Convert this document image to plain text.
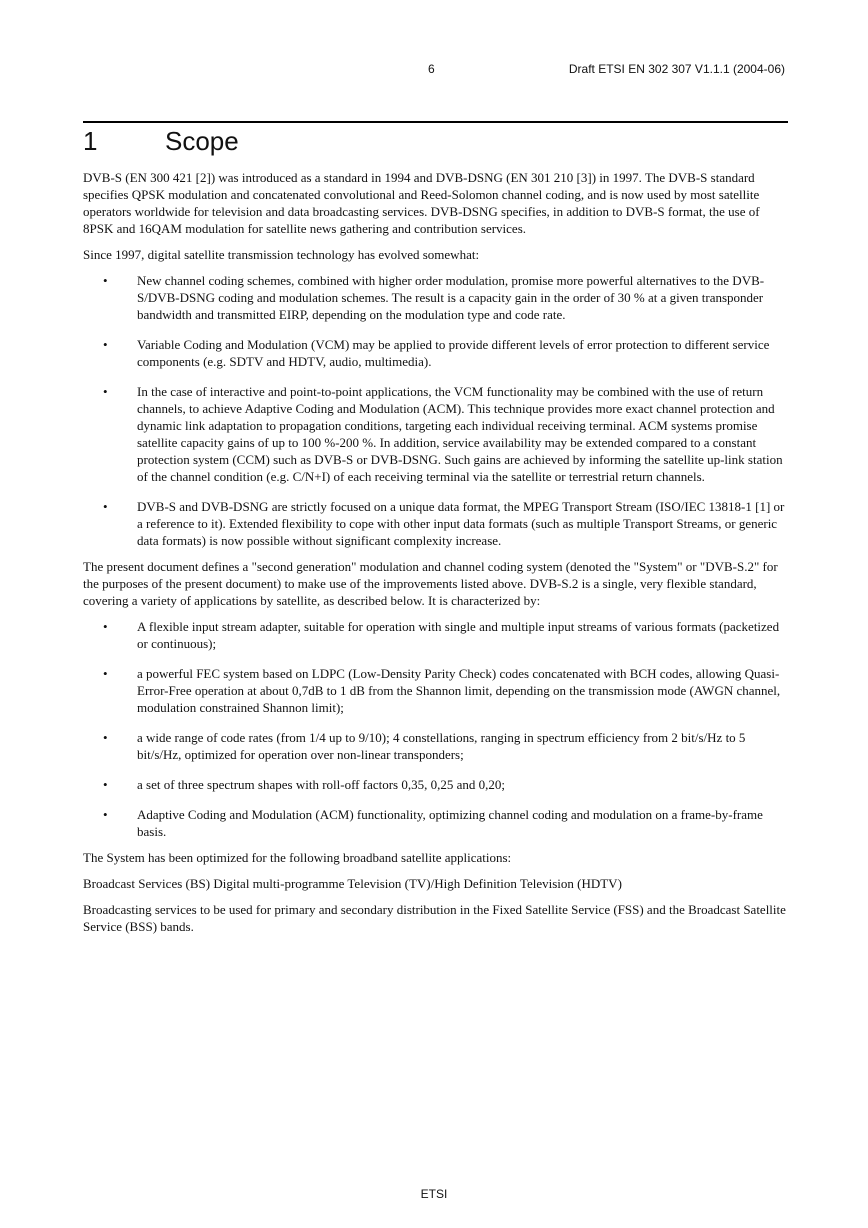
6	Draft ETSI EN 302 307 V1.1.1 (2004-06)
1	Scope

DVB-S (EN 300 421 [2]) was introduced as a standard in 1994 and DVB-DSNG (EN 301 210 [3]) in 1997. The DVB-S standard specifies QPSK modulation and concatenated convolutional and Reed-Solomon channel coding, and is now used by most satellite operators worldwide for television and data broadcasting services. DVB-DSNG specifies, in addition to DVB-S format, the use of 8PSK and 16QAM modulation for satellite news gathering and contribution services.

Since 1997, digital satellite transmission technology has evolved somewhat:

• New channel coding schemes, combined with higher order modulation, promise more powerful alternatives to the DVB-S/DVB-DSNG coding and modulation schemes. The result is a capacity gain in the order of 30 % at a given transponder bandwidth and transmitted EIRP, depending on the modulation type and code rate.
• Variable Coding and Modulation (VCM) may be applied to provide different levels of error protection to different service components (e.g. SDTV and HDTV, audio, multimedia).
• In the case of interactive and point-to-point applications, the VCM functionality may be combined with the use of return channels, to achieve Adaptive Coding and Modulation (ACM). This technique provides more exact channel protection and dynamic link adaptation to propagation conditions, targeting each individual receiving terminal. ACM systems promise satellite capacity gains of up to 100 %-200 %. In addition, service availability may be extended compared to a constant protection system (CCM) such as DVB-S or DVB-DSNG. Such gains are achieved by informing the satellite up-link station of the channel condition (e.g. C/N+I) of each receiving terminal via the satellite or terrestrial return channels.
• DVB-S and DVB-DSNG are strictly focused on a unique data format, the MPEG Transport Stream (ISO/IEC 13818-1 [1] or a reference to it). Extended flexibility to cope with other input data formats (such as multiple Transport Streams, or generic data formats) is now possible without significant complexity increase.

The present document defines a "second generation" modulation and channel coding system (denoted the "System" or "DVB-S.2" for the purposes of the present document) to make use of the improvements listed above. DVB-S.2 is a single, very flexible standard, covering a variety of applications by satellite, as described below. It is characterized by:

• A flexible input stream adapter, suitable for operation with single and multiple input streams of various formats (packetized or continuous);
• a powerful FEC system based on LDPC (Low-Density Parity Check) codes concatenated with BCH codes, allowing Quasi-Error-Free operation at about 0,7dB to 1 dB from the Shannon limit, depending on the transmission mode (AWGN channel, modulation constrained Shannon limit);
• a wide range of code rates (from 1/4 up to 9/10); 4 constellations, ranging in spectrum efficiency from 2 bit/s/Hz to 5 bit/s/Hz, optimized for operation over non-linear transponders;
• a set of three spectrum shapes with roll-off factors 0,35, 0,25 and 0,20;
• Adaptive Coding and Modulation (ACM) functionality, optimizing channel coding and modulation on a frame-by-frame basis.

The System has been optimized for the following broadband satellite applications:

Broadcast Services (BS) Digital multi-programme Television (TV)/High Definition Television (HDTV)

Broadcasting services to be used for primary and secondary distribution in the Fixed Satellite Service (FSS) and the Broadcast Satellite Service (BSS) bands.

ETSI
